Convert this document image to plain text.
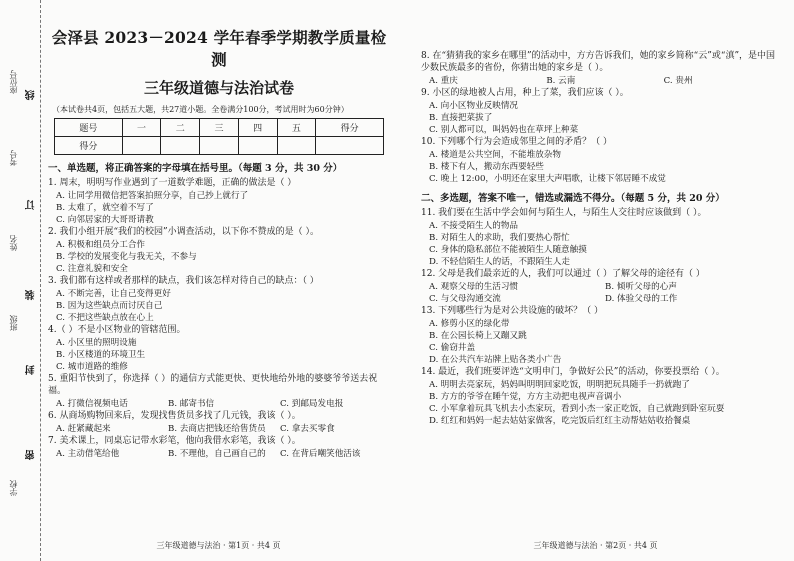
座位号
线
考号
订
姓名
装
班级
封
学校
密
会泽县 2023－2024 学年春季学期教学质量检测
三年级道德与法治试卷
（本试卷共4页，包括五大题，共27道小题。全卷满分100分，考试用时为60分钟）
题号	一	二	三	四	五	得分
得分						
一、单选题，将正确答案的字母填在括号里。（每题 3 分，共 30 分）
1. 周末，明明写作业遇到了一道数学难题，正确的做法是（ ）
A. 让同学用微信把答案拍照分享，自己抄上就行了
B. 太难了，就空着不写了
C. 向邻居家的大哥哥请教
2. 我们小组开展“我们的校园”小调查活动，以下你不赞成的是（ ）。
A. 积极和组员分工合作
B. 学校的发展变化与我无关，不参与
C. 注意礼貌和安全
3. 我们都有这样或者那样的缺点，我们该怎样对待自己的缺点：（ ）
A. 不断完善，让自己变得更好
B. 因为这些缺点而讨厌自己
C. 不把这些缺点放在心上
4.（ ）不是小区物业的管辖范围。
A. 小区里的照明设施
B. 小区楼道的环境卫生
C. 城市道路的维修
5. 重阳节快到了，你选择（ ）的通信方式能更快、更快地给外地的婆婆爷爷送去祝福。
A. 打微信视频电话	B. 邮寄书信	C. 到邮局发电报
6. 从商场购物回来后，发现找售货员多找了几元钱，我该（ ）。
A. 赶紧藏起来	B. 去商店把钱还给售货员	C. 拿去买零食
7. 美术课上，同桌忘记带水彩笔，他向我借水彩笔，我该（ ）。
A. 主动借笔给他	B. 不理他，自己画自己的	C. 在背后嘲笑他活该
三年级道德与法治 · 第1页 · 共4 页
8. 在“猜猜我的家乡在哪里”的活动中，方方告诉我们，她的家乡简称“云”或“滇”，是中国少数民族最多的省份，你猜出她的家乡是（ ）。
A. 重庆	B. 云南	C. 贵州
9. 小区的绿地被人占用，种上了菜，我们应该（ ）。
A. 向小区物业反映情况
B. 直接把菜拔了
C. 别人都可以，叫妈妈也在草坪上种菜
10. 下列哪个行为会造成邻里之间的矛盾？（ ）
A. 楼道是公共空间，不能堆放杂物
B. 楼下有人，搬动东西要轻些
C. 晚上 12:00，小明还在家里大声唱歌，让楼下邻居睡不成觉
二、多选题，答案不唯一，错选或漏选不得分。（每题 5 分，共 20 分）
11. 我们要在生活中学会如何与陌生人，与陌生人交往时应该做到（ ）。
A. 不接受陌生人的物品
B. 对陌生人的求助，我们要热心帮忙
C. 身体的隐私部位不能被陌生人随意触摸
D. 不轻信陌生人的话，不跟陌生人走
12. 父母是我们最亲近的人，我们可以通过（ ）了解父母的途径有（ ）
A. 观察父母的生活习惯	B. 倾听父母的心声
C. 与父母沟通交流	D. 体验父母的工作
13. 下列哪些行为是对公共设施的破坏？（ ）
A. 修剪小区的绿化带
B. 在公园长椅上又蹦又跳
C. 偷窃井盖
D. 在公共汽车站牌上贴各类小广告
14. 最近，我们班要评选“文明申门，争做好公民”的活动，你要投票给（ ）。
A. 明明去亮家玩，妈妈叫明明回家吃饭，明明把玩具随手一扔就跑了
B. 方方的爷爷在睡午觉，方方主动把电视声音调小
C. 小军拿着玩具飞机去小杰家玩，看到小杰一家正吃饭，自己就跑到卧室玩耍
D. 红红和妈妈一起去姑姑家做客，吃完饭后红红主动帮姑姑收拾餐桌
三年级道德与法治 · 第2页 · 共4 页
